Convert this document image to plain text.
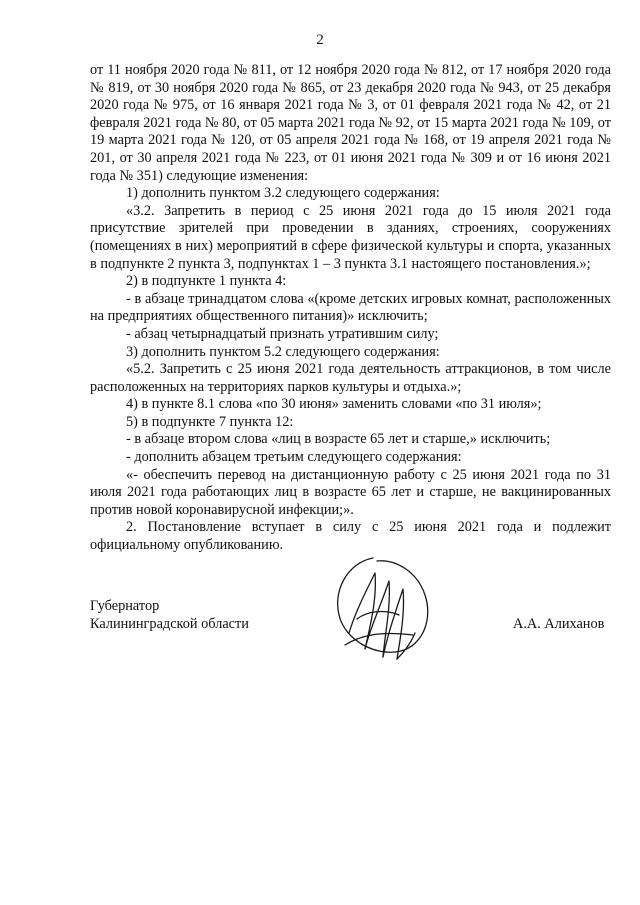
2

от 11 ноября 2020 года № 811, от 12 ноября 2020 года № 812, от 17 ноября 2020 года № 819, от 30 ноября 2020 года № 865, от 23 декабря 2020 года № 943, от 25 декабря 2020 года № 975, от 16 января 2021 года № 3, от 01 февраля 2021 года № 42, от 21 февраля 2021 года № 80, от 05 марта 2021 года № 92, от 15 марта 2021 года № 109, от 19 марта 2021 года № 120, от 05 апреля 2021 года № 168, от 19 апреля 2021 года № 201, от 30 апреля 2021 года № 223, от 01 июня 2021 года № 309 и от 16 июня 2021 года № 351) следующие изменения:

1) дополнить пунктом 3.2 следующего содержания:

«3.2. Запретить в период с 25 июня 2021 года до 15 июля 2021 года присутствие зрителей при проведении в зданиях, строениях, сооружениях (помещениях в них) мероприятий в сфере физической культуры и спорта, указанных в подпункте 2 пункта 3, подпунктах 1 – 3 пункта 3.1 настоящего постановления.»;

2) в подпункте 1 пункта 4:

- в абзаце тринадцатом слова «(кроме детских игровых комнат, расположенных на предприятиях общественного питания)» исключить;

- абзац четырнадцатый признать утратившим силу;

3) дополнить пунктом 5.2 следующего содержания:

«5.2. Запретить с 25 июня 2021 года деятельность аттракционов, в том числе расположенных на территориях парков культуры и отдыха.»;

4) в пункте 8.1 слова «по 30 июня» заменить словами «по 31 июля»;

5) в подпункте 7 пункта 12:

- в абзаце втором слова «лиц в возрасте 65 лет и старше,» исключить;

- дополнить абзацем третьим следующего содержания:

«- обеспечить перевод на дистанционную работу с 25 июня 2021 года по 31 июля 2021 года работающих лиц в возрасте 65 лет и старше, не вакцинированных против новой коронавирусной инфекции;».

2. Постановление вступает в силу с 25 июня 2021 года и подлежит официальному опубликованию.

Губернатор
Калининградской области	А.А. Алиханов
